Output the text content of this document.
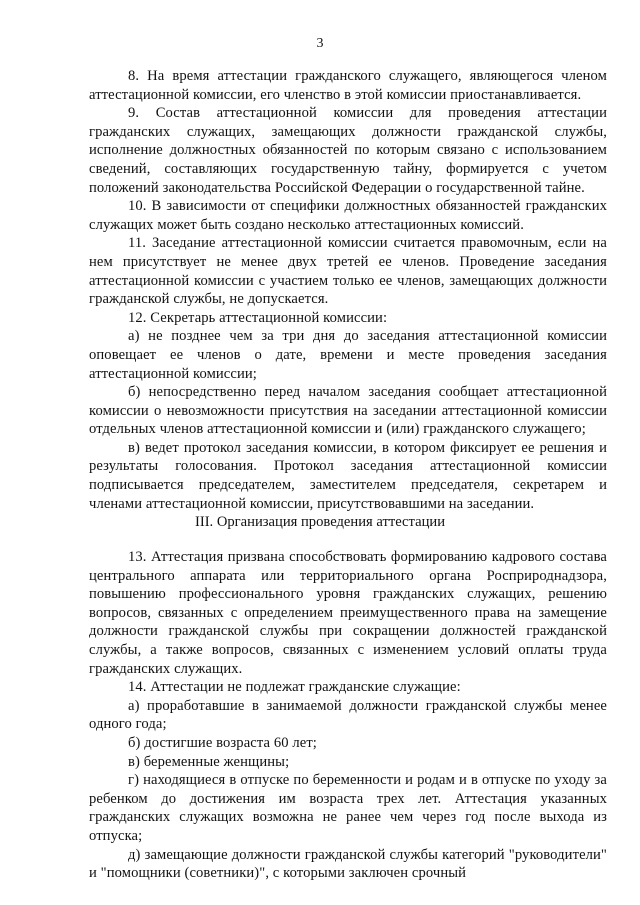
3

8. На время аттестации гражданского служащего, являющегося членом аттестационной комиссии, его членство в этой комиссии приостанавливается.

9. Состав аттестационной комиссии для проведения аттестации гражданских служащих, замещающих должности гражданской службы, исполнение должностных обязанностей по которым связано с использованием сведений, составляющих государственную тайну, формируется с учетом положений законодательства Российской Федерации о государственной тайне.

10. В зависимости от специфики должностных обязанностей гражданских служащих может быть создано несколько аттестационных комиссий.

11. Заседание аттестационной комиссии считается правомочным, если на нем присутствует не менее двух третей ее членов. Проведение заседания аттестационной комиссии с участием только ее членов, замещающих должности гражданской службы, не допускается.

12. Секретарь аттестационной комиссии:

а) не позднее чем за три дня до заседания аттестационной комиссии оповещает ее членов о дате, времени и месте проведения заседания аттестационной комиссии;

б) непосредственно перед началом заседания сообщает аттестационной комиссии о невозможности присутствия на заседании аттестационной комиссии отдельных членов аттестационной комиссии и (или) гражданского служащего;

в) ведет протокол заседания комиссии, в котором фиксирует ее решения и результаты голосования. Протокол заседания аттестационной комиссии подписывается председателем, заместителем председателя, секретарем и членами аттестационной комиссии, присутствовавшими на заседании.

III. Организация проведения аттестации

13. Аттестация призвана способствовать формированию кадрового состава центрального аппарата или территориального органа Росприроднадзора, повышению профессионального уровня гражданских служащих, решению вопросов, связанных с определением преимущественного права на замещение должности гражданской службы при сокращении должностей гражданской службы, а также вопросов, связанных с изменением условий оплаты труда гражданских служащих.

14. Аттестации не подлежат гражданские служащие:

а) проработавшие в занимаемой должности гражданской службы менее одного года;

б) достигшие возраста 60 лет;

в) беременные женщины;

г) находящиеся в отпуске по беременности и родам и в отпуске по уходу за ребенком до достижения им возраста трех лет. Аттестация указанных гражданских служащих возможна не ранее чем через год после выхода из отпуска;

д) замещающие должности гражданской службы категорий "руководители" и "помощники (советники)", с которыми заключен срочный
